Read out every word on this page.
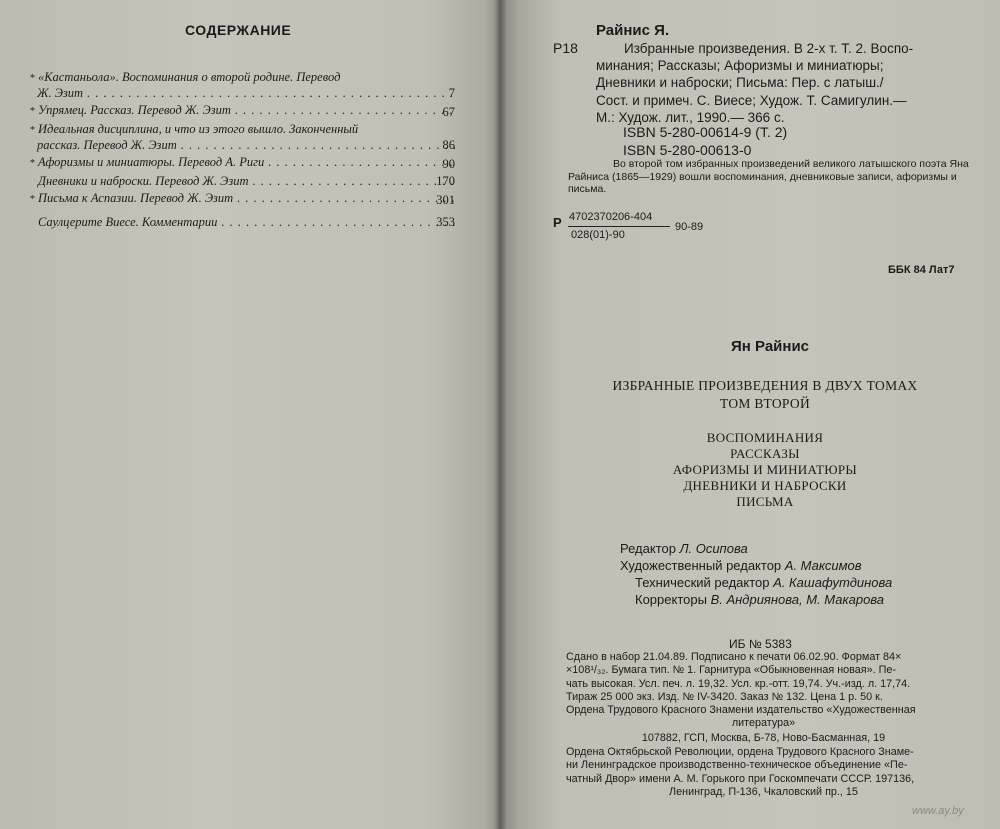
СОДЕРЖАНИЕ
* «Кастаньола». Воспоминания о второй родине. Перевод
Ж. Эзит . . .	7
* Упрямец. Рассказ. Перевод Ж. Эзит . . .	67
* Идеальная дисциплина, и что из этого вышло. Законченный
рассказ. Перевод Ж. Эзит . . .	86
* Афоризмы и миниатюры. Перевод А. Риги . . .	90
Дневники и наброски. Перевод Ж. Эзит . . .	170
* Письма к Аспазии. Перевод Ж. Эзит . . .	301
Саулцерите Виесе. Комментарии . . .	353
Райнис Я.
Р18	Избранные произведения. В 2-х т. Т. 2. Воспо-
минания; Рассказы; Афоризмы и миниатюры;
Дневники и наброски; Письма: Пер. с латыш./
Сост. и примеч. С. Виесе; Худож. Т. Самигулин.—
М.: Худож. лит., 1990.— 366 с.
ISBN 5-280-00614-9 (Т. 2)
ISBN 5-280-00613-0
Во второй том избранных произведений великого латышского поэта Яна Райниса (1865—1929) вошли воспоминания, дневниковые записи, афоризмы и письма.
Р 4702370206-404
028(01)-90
90-89
ББК 84 Лат7
Ян Райнис
ИЗБРАННЫЕ ПРОИЗВЕДЕНИЯ В ДВУХ ТОМАХ
ТОМ ВТОРОЙ
ВОСПОМИНАНИЯ
РАССКАЗЫ
АФОРИЗМЫ И МИНИАТЮРЫ
ДНЕВНИКИ И НАБРОСКИ
ПИСЬМА
Редактор Л. Осипова
Художественный редактор А. Максимов
Технический редактор А. Кашафутдинова
Корректоры В. Андриянова, М. Макарова
ИБ № 5383
Сдано в набор 21.04.89. Подписано к печати 06.02.90. Формат 84×
×108¹/₃₂. Бумага тип. № 1. Гарнитура «Обыкновенная новая». Пе-
чать высокая. Усл. печ. л. 19,32. Усл. кр.-отт. 19,74. Уч.-изд. л. 17,74.
Тираж 25 000 экз. Изд. № IV-3420. Заказ № 132. Цена 1 р. 50 к.
Ордена Трудового Красного Знамени издательство «Художественная
литература»
107882, ГСП, Москва, Б-78, Ново-Басманная, 19
Ордена Октябрьской Революции, ордена Трудового Красного Знаме-
ни Ленинградское производственно-техническое объединение «Пе-
чатный Двор» имени А. М. Горького при Госкомпечати СССР. 197136,
Ленинград, П-136, Чкаловский пр., 15
www.ay.by
